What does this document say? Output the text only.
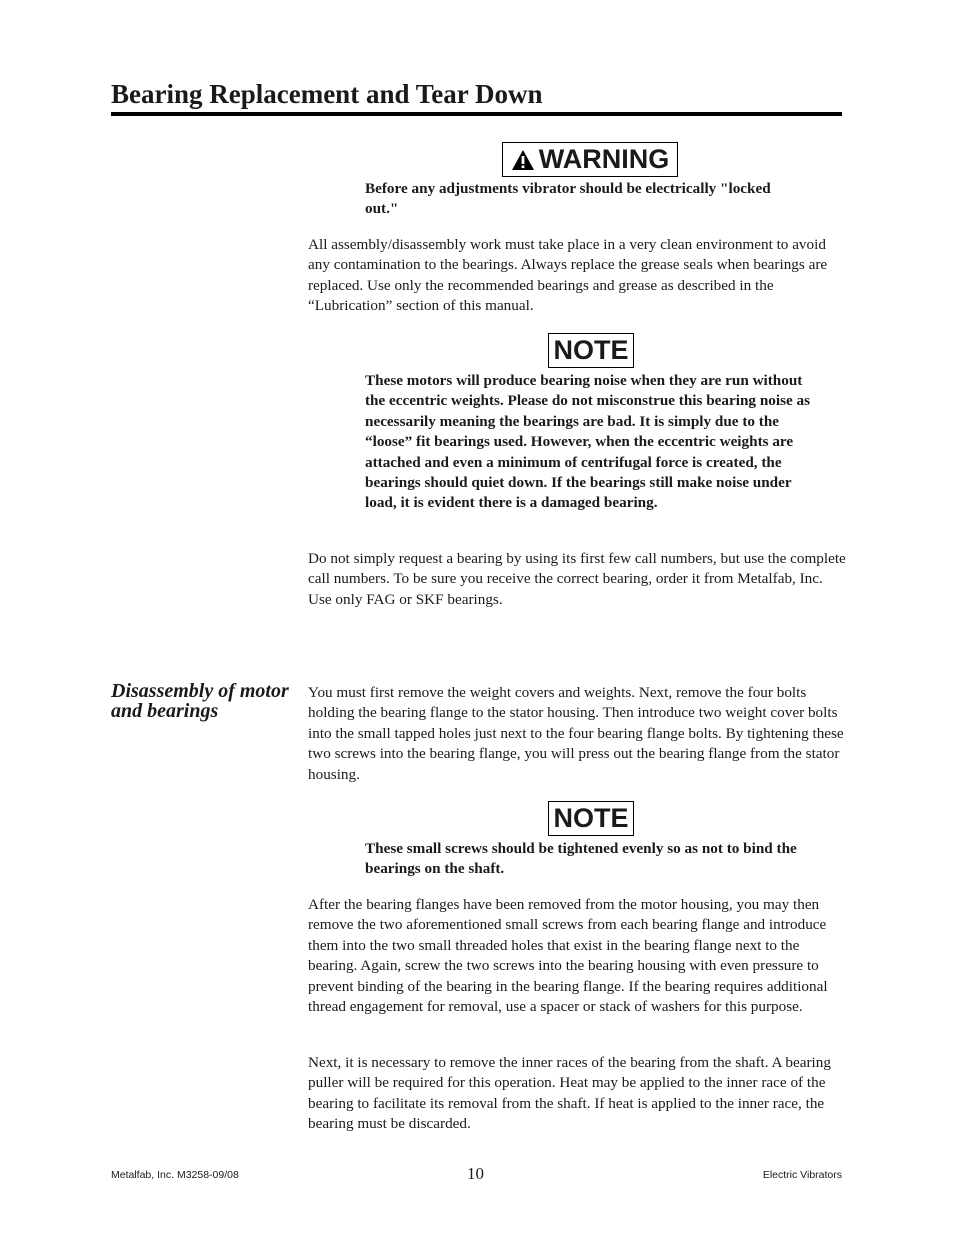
Bearing Replacement and Tear Down
WARNING
Before any adjustments vibrator should be electrically "locked out."
All assembly/disassembly work must take place in a very clean environment to avoid any contamination to the bearings. Always replace the grease seals when bearings are replaced. Use only the recommended bearings and grease as described in the “Lubrication” section of this manual.
NOTE
These motors will produce bearing noise when they are run without the eccentric weights. Please do not misconstrue this bearing noise as necessarily meaning the bearings are bad. It is simply due to the “loose” fit bearings used. However, when the eccentric weights are attached and even a minimum of centrifugal force is created, the bearings should quiet down. If the bearings still make noise under load, it is evident there is a damaged bearing.
Do not simply request a bearing by using its first few call numbers, but use the complete call numbers. To be sure you receive the correct bearing, order it from Metalfab, Inc. Use only FAG or SKF bearings.
Disassembly of motor and bearings
You must first remove the weight covers and weights. Next, remove the four bolts holding the bearing flange to the stator housing. Then introduce two weight cover bolts into the small tapped holes just next to the four bearing flange bolts. By tightening these two screws into the bearing flange, you will press out the bearing flange from the stator housing.
NOTE
These small screws should be tightened evenly so as not to bind the bearings on the shaft.
After the bearing flanges have been removed from the motor housing, you may then remove the two aforementioned small screws from each bearing flange and introduce them into the two small threaded holes that exist in the bearing flange next to the bearing. Again, screw the two screws into the bearing housing with even pressure to prevent binding of the bearing in the bearing flange. If the bearing requires additional thread engagement for removal, use a spacer or stack of washers for this purpose.
Next, it is necessary to remove the inner races of the bearing from the shaft. A bearing puller will be required for this operation. Heat may be applied to the inner race of the bearing to facilitate its removal from the shaft. If heat is applied to the inner race, the bearing must be discarded.
Metalfab, Inc. M3258-09/08	10	Electric Vibrators
